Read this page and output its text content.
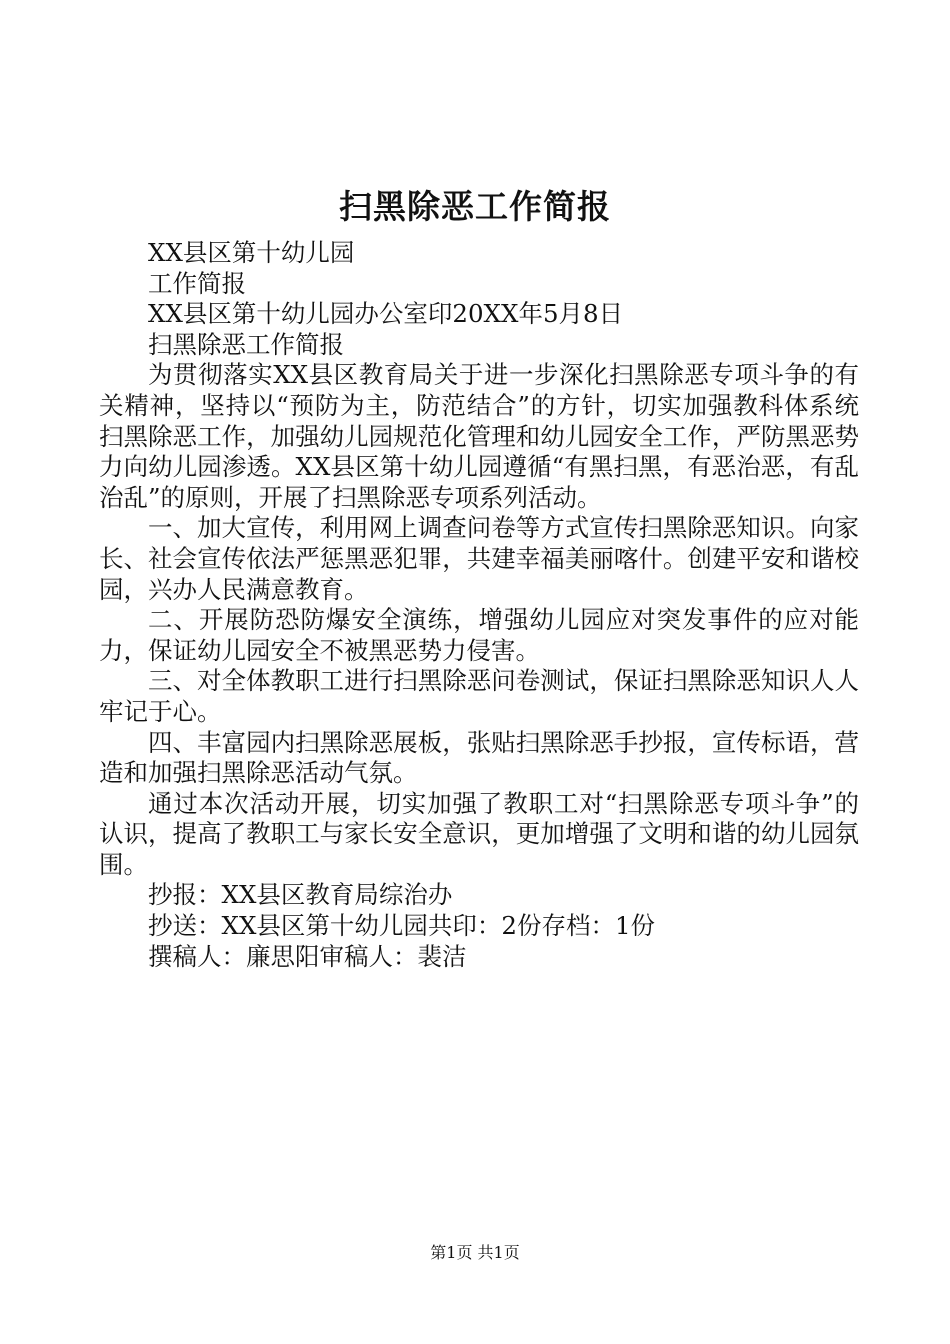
扫黑除恶工作简报

XX县区第十幼儿园

工作简报

XX县区第十幼儿园办公室印20XX年5月8日

扫黑除恶工作简报

为贯彻落实XX县区教育局关于进一步深化扫黑除恶专项斗争的有关精神，坚持以“预防为主，防范结合”的方针，切实加强教科体系统扫黑除恶工作，加强幼儿园规范化管理和幼儿园安全工作，严防黑恶势力向幼儿园渗透。XX县区第十幼儿园遵循“有黑扫黑，有恶治恶，有乱治乱”的原则，开展了扫黑除恶专项系列活动。

一、加大宣传，利用网上调查问卷等方式宣传扫黑除恶知识。向家长、社会宣传依法严惩黑恶犯罪，共建幸福美丽喀什。创建平安和谐校园，兴办人民满意教育。

二、开展防恐防爆安全演练，增强幼儿园应对突发事件的应对能力，保证幼儿园安全不被黑恶势力侵害。

三、对全体教职工进行扫黑除恶问卷测试，保证扫黑除恶知识人人牢记于心。

四、丰富园内扫黑除恶展板，张贴扫黑除恶手抄报，宣传标语，营造和加强扫黑除恶活动气氛。

通过本次活动开展，切实加强了教职工对“扫黑除恶专项斗争”的认识，提高了教职工与家长安全意识，更加增强了文明和谐的幼儿园氛围。

抄报：XX县区教育局综治办

抄送：XX县区第十幼儿园共印：2份存档：1份

撰稿人：廉思阳审稿人：裴洁

第1页 共1页
